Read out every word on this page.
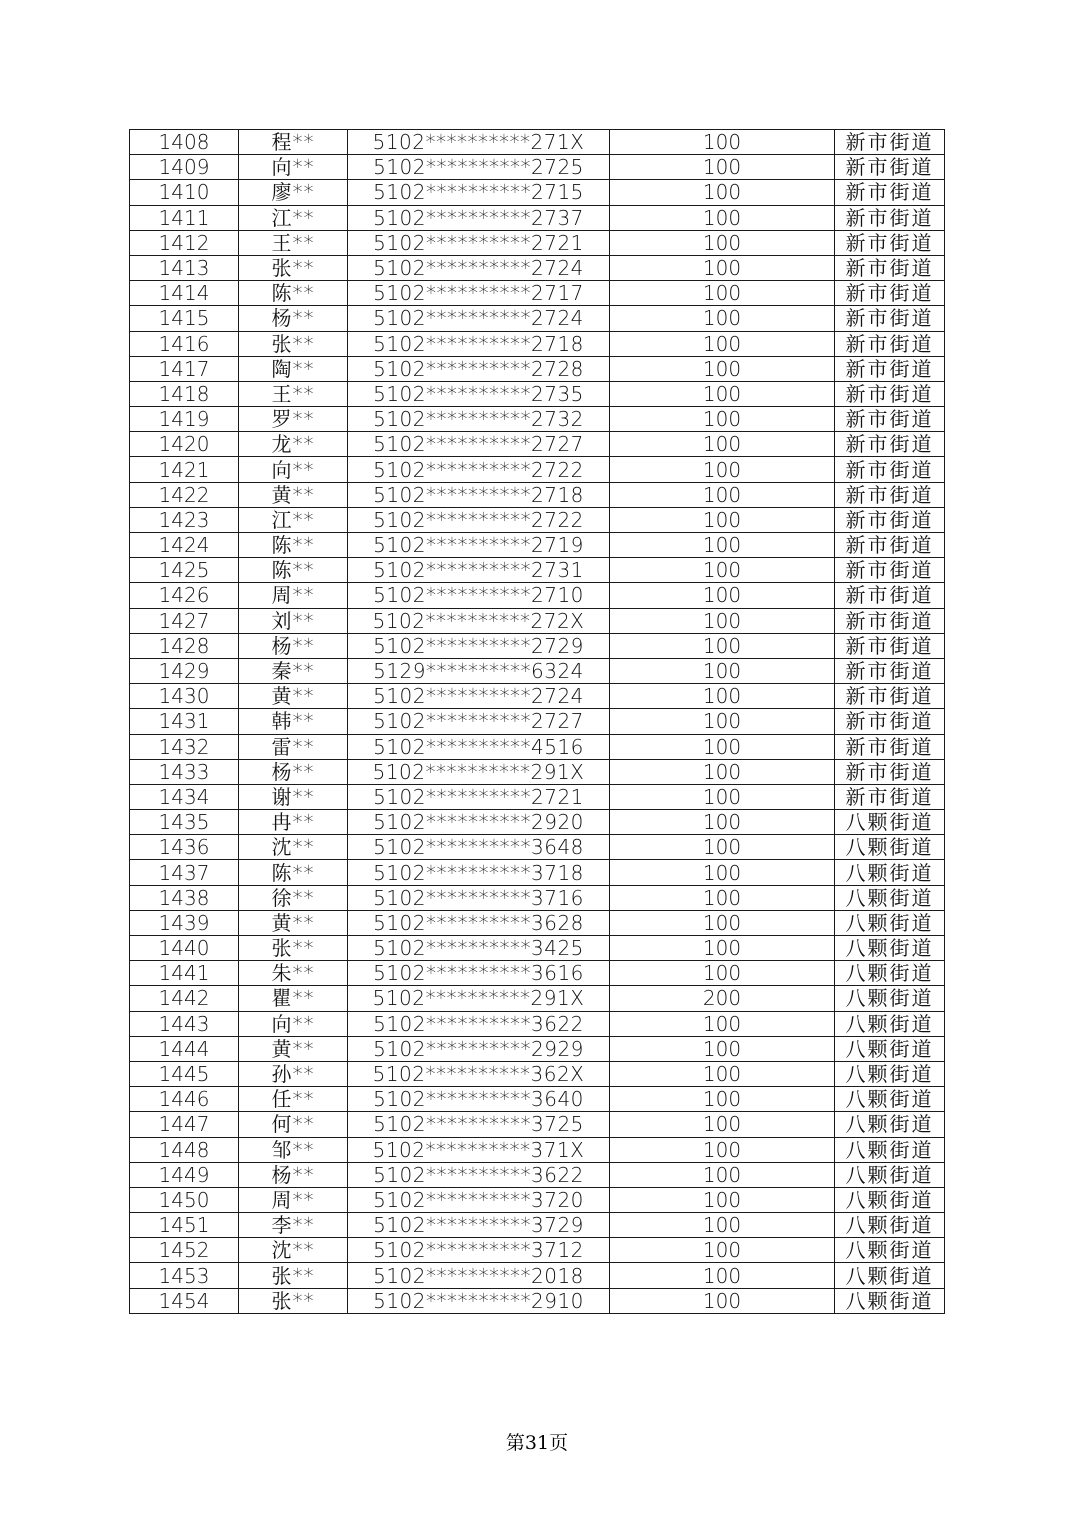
1408	程**	5102**********271X	100	新市街道
1409	向**	5102**********2725	100	新市街道
1410	廖**	5102**********2715	100	新市街道
1411	江**	5102**********2737	100	新市街道
1412	王**	5102**********2721	100	新市街道
1413	张**	5102**********2724	100	新市街道
1414	陈**	5102**********2717	100	新市街道
1415	杨**	5102**********2724	100	新市街道
1416	张**	5102**********2718	100	新市街道
1417	陶**	5102**********2728	100	新市街道
1418	王**	5102**********2735	100	新市街道
1419	罗**	5102**********2732	100	新市街道
1420	龙**	5102**********2727	100	新市街道
1421	向**	5102**********2722	100	新市街道
1422	黄**	5102**********2718	100	新市街道
1423	江**	5102**********2722	100	新市街道
1424	陈**	5102**********2719	100	新市街道
1425	陈**	5102**********2731	100	新市街道
1426	周**	5102**********2710	100	新市街道
1427	刘**	5102**********272X	100	新市街道
1428	杨**	5102**********2729	100	新市街道
1429	秦**	5129**********6324	100	新市街道
1430	黄**	5102**********2724	100	新市街道
1431	韩**	5102**********2727	100	新市街道
1432	雷**	5102**********4516	100	新市街道
1433	杨**	5102**********291X	100	新市街道
1434	谢**	5102**********2721	100	新市街道
1435	冉**	5102**********2920	100	八颗街道
1436	沈**	5102**********3648	100	八颗街道
1437	陈**	5102**********3718	100	八颗街道
1438	徐**	5102**********3716	100	八颗街道
1439	黄**	5102**********3628	100	八颗街道
1440	张**	5102**********3425	100	八颗街道
1441	朱**	5102**********3616	100	八颗街道
1442	瞿**	5102**********291X	200	八颗街道
1443	向**	5102**********3622	100	八颗街道
1444	黄**	5102**********2929	100	八颗街道
1445	孙**	5102**********362X	100	八颗街道
1446	任**	5102**********3640	100	八颗街道
1447	何**	5102**********3725	100	八颗街道
1448	邹**	5102**********371X	100	八颗街道
1449	杨**	5102**********3622	100	八颗街道
1450	周**	5102**********3720	100	八颗街道
1451	李**	5102**********3729	100	八颗街道
1452	沈**	5102**********3712	100	八颗街道
1453	张**	5102**********2018	100	八颗街道
1454	张**	5102**********2910	100	八颗街道
第31页
